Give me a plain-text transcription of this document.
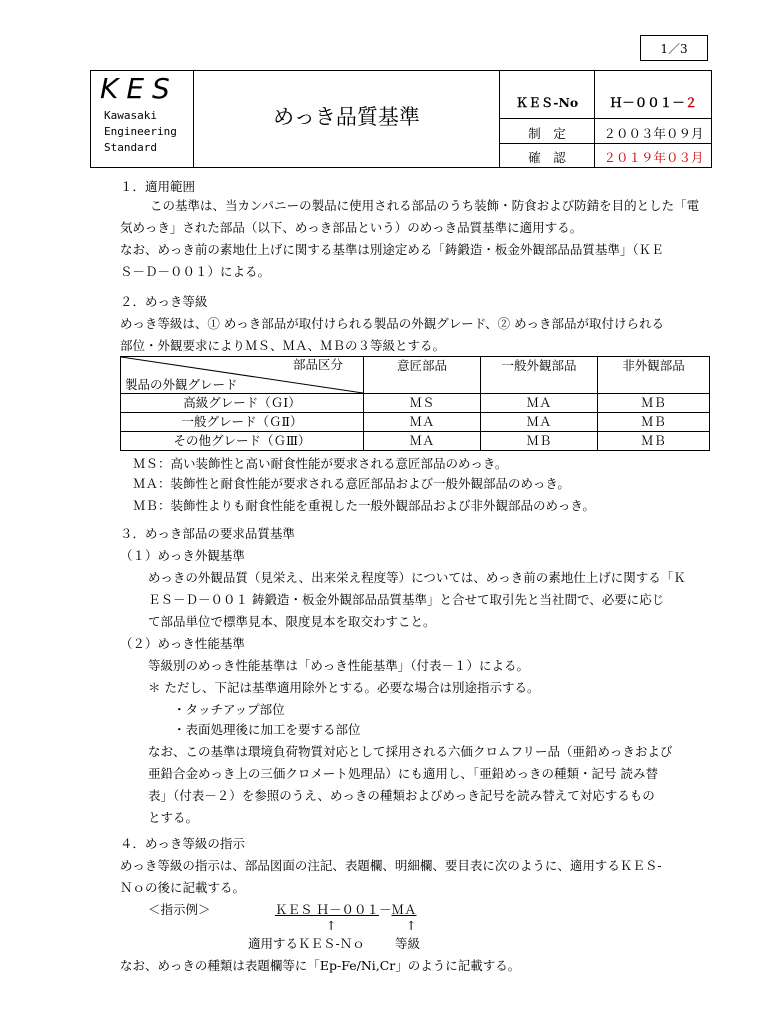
1／3
KES
Kawasaki
Engineering
Standard
めっき品質基準
ＫＥＳ-No	Ｈ－００１－２
制　定	２００３年０９月
確　認	２０１９年０３月
１．適用範囲
この基準は、当カンパニーの製品に使用される部品のうち装飾・防食および防錆を目的とした「電
気めっき」された部品（以下、めっき部品という）のめっき品質基準に適用する。
なお、めっき前の素地仕上げに関する基準は別途定める「鋳鍛造・板金外観部品品質基準」（ＫＥ
Ｓ－Ｄ－００１）による。
２．めっき等級
めっき等級は、① めっき部品が取付けられる製品の外観グレード、② めっき部品が取付けられる
部位・外観要求によりＭＳ、ＭＡ、ＭＢの３等級とする。
部品区分
製品の外観グレード	意匠部品	一般外観部品	非外観部品
高級グレード（ＧⅠ）	ＭＳ	ＭＡ	ＭＢ
一般グレード（ＧⅡ）	ＭＡ	ＭＡ	ＭＢ
その他グレード（ＧⅢ）	ＭＡ	ＭＢ	ＭＢ
ＭＳ：高い装飾性と高い耐食性能が要求される意匠部品のめっき。
ＭＡ：装飾性と耐食性能が要求される意匠部品および一般外観部品のめっき。
ＭＢ：装飾性よりも耐食性能を重視した一般外観部品および非外観部品のめっき。
３．めっき部品の要求品質基準
（１）めっき外観基準
めっきの外観品質（見栄え、出来栄え程度等）については、めっき前の素地仕上げに関する「Ｋ
ＥＳ－Ｄ－００１ 鋳鍛造・板金外観部品品質基準」と合せて取引先と当社間で、必要に応じ
て部品単位で標準見本、限度見本を取交わすこと。
（２）めっき性能基準
等級別のめっき性能基準は「めっき性能基準」（付表－１）による。
＊ ただし、下記は基準適用除外とする。必要な場合は別途指示する。
・タッチアップ部位
・表面処理後に加工を要する部位
なお、この基準は環境負荷物質対応として採用される六価クロムフリー品（亜鉛めっきおよび
亜鉛合金めっき上の三価クロメート処理品）にも適用し、「亜鉛めっきの種類・記号 読み替
表」（付表－２）を参照のうえ、めっきの種類およびめっき記号を読み替えて対応するもの
とする。
４．めっき等級の指示
めっき等級の指示は、部品図面の注記、表題欄、明細欄、要目表に次のように、適用するＫＥＳ-
Ｎｏの後に記載する。
＜指示例＞	ＫＥＳ Ｈ－００１－ＭＡ
↑	↑
適用するＫＥＳ-Ｎｏ 等級
なお、めっきの種類は表題欄等に「Ep-Fe/Ni,Cr」のように記載する。
